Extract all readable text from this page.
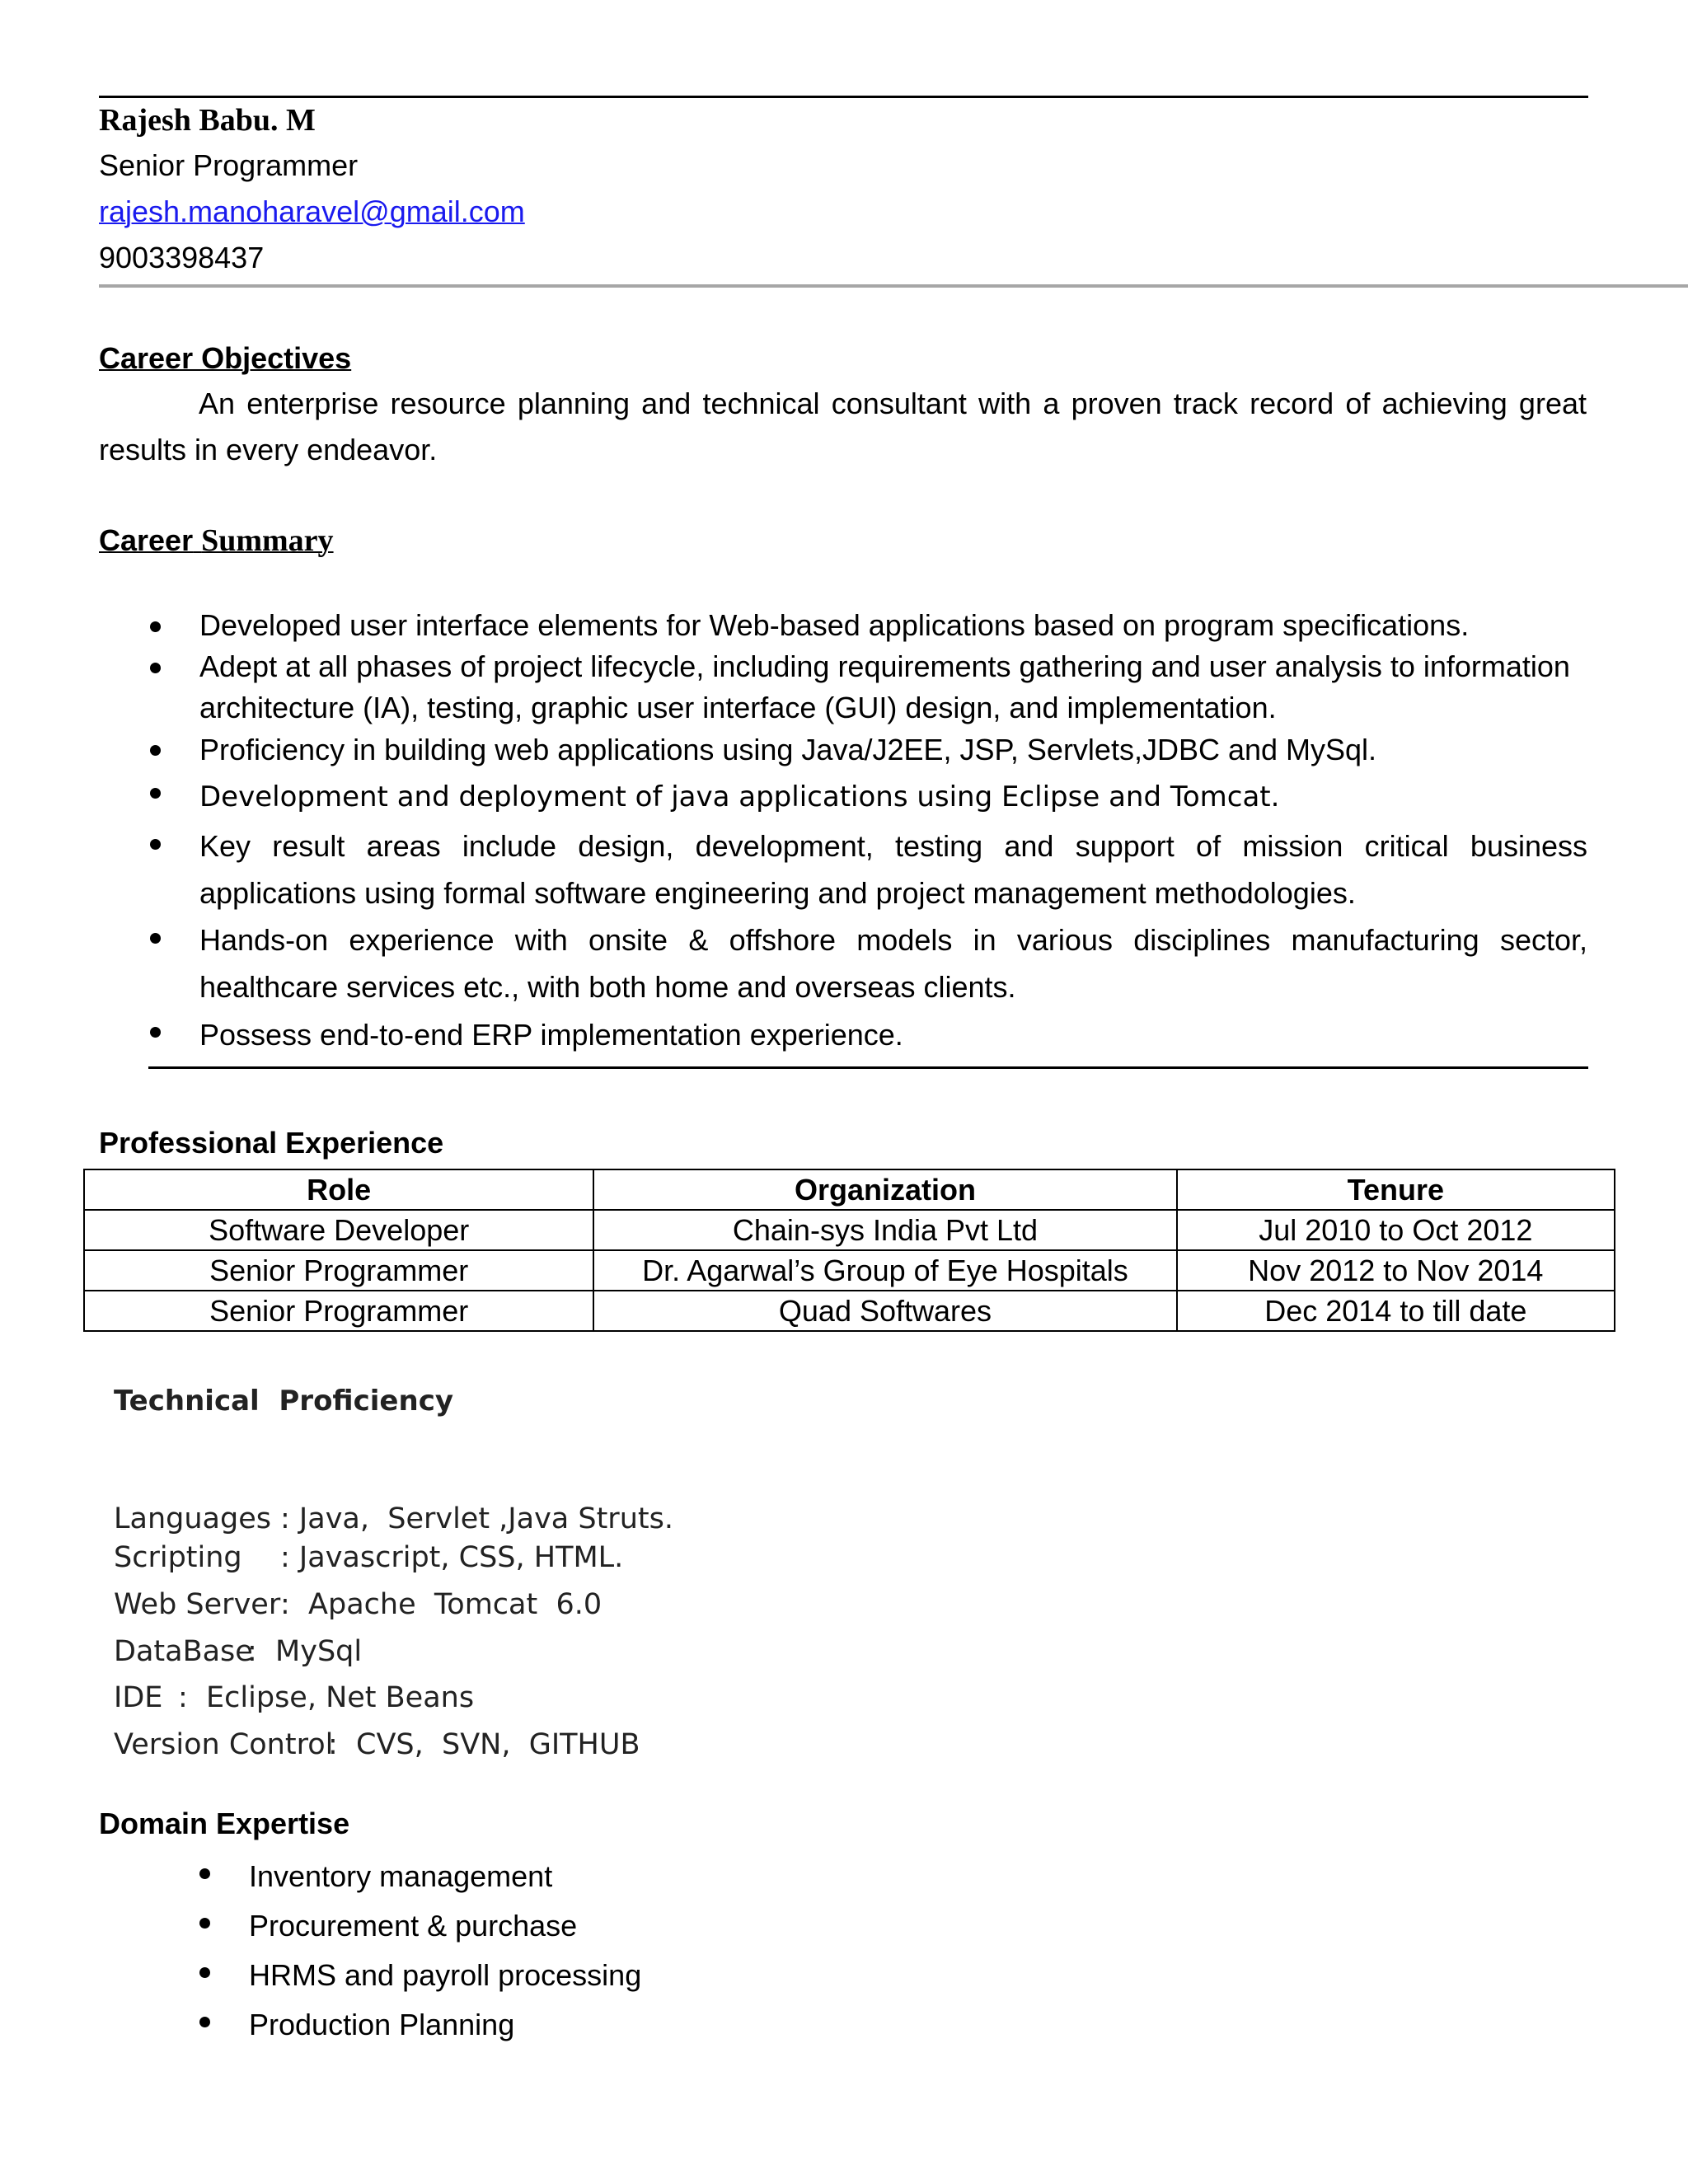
Rajesh Babu. M
Senior Programmer
rajesh.manoharavel@gmail.com
9003398437
Career Objectives
An enterprise resource planning and technical consultant with a proven track record of achieving great results in every endeavor.
Career Summary
Developed user interface elements for Web-based applications based on program specifications.
Adept at all phases of project lifecycle, including requirements gathering and user analysis to information architecture (IA), testing, graphic user interface (GUI) design, and implementation.
Proficiency in building web applications using Java/J2EE, JSP, Servlets,JDBC and MySql.
Development and deployment of java applications using Eclipse and Tomcat.
Key result areas include design, development, testing and support of mission critical business applications using formal software engineering and project management methodologies.
Hands-on experience with onsite & offshore models in various disciplines manufacturing sector, healthcare services etc., with both home and overseas clients.
Possess end-to-end ERP implementation experience.
Professional Experience
Role	Organization	Tenure
Software Developer	Chain-sys India Pvt Ltd	Jul 2010 to Oct 2012
Senior Programmer	Dr. Agarwal’s Group of Eye Hospitals	Nov 2012 to Nov 2014
Senior Programmer	Quad Softwares	Dec 2014 to till date
Technical  Proficiency
Languages : Java,  Servlet ,Java Struts.
Scripting : Javascript, CSS, HTML.
Web Server:  Apache  Tomcat  6.0
DataBase:  MySql
IDE :  Eclipse, Net Beans
Version Control:  CVS,  SVN,  GITHUB
Domain Expertise
Inventory management
Procurement & purchase
HRMS and payroll processing
Production Planning
